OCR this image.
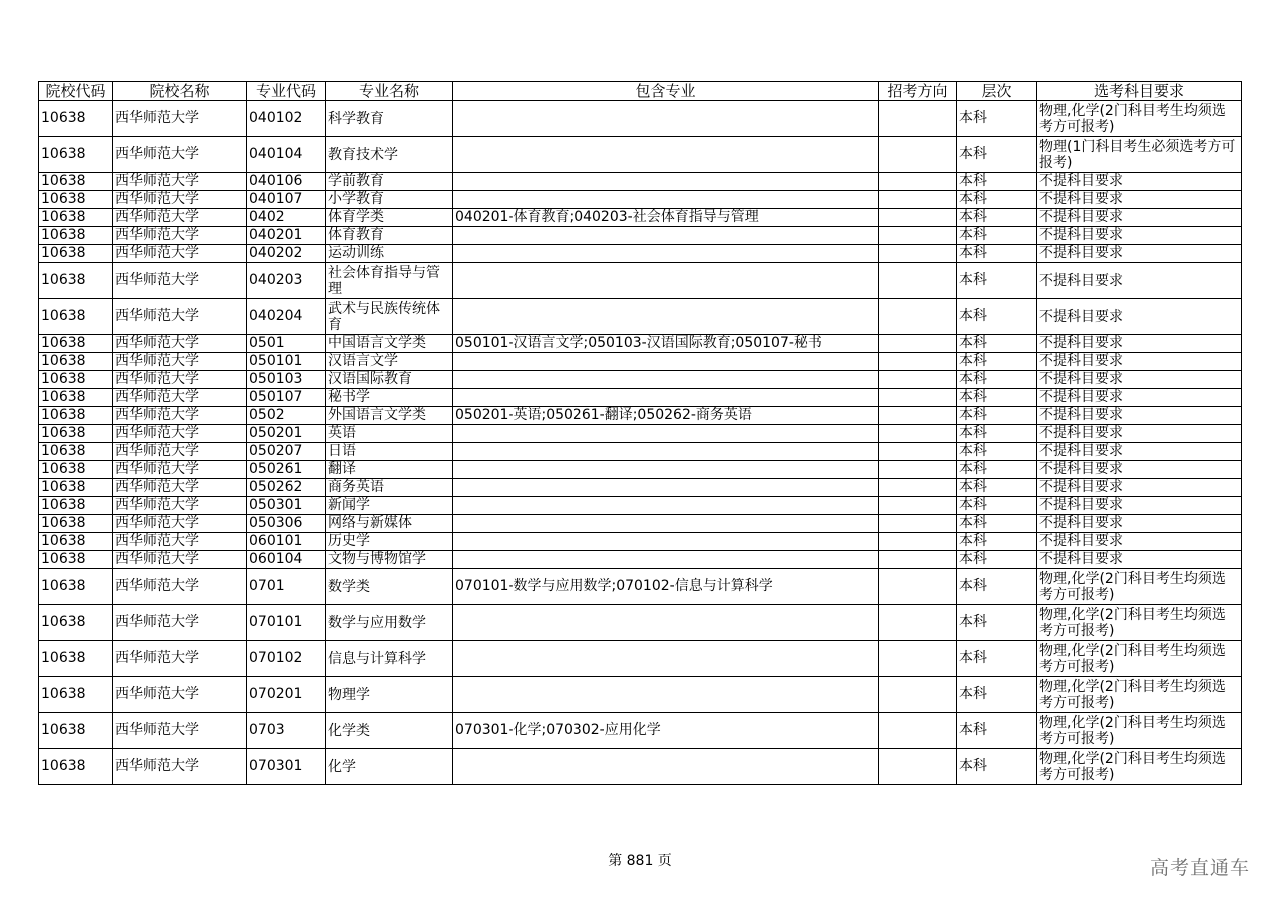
院校代码	院校名称	专业代码	专业名称	包含专业	招考方向	层次	选考科目要求
10638	西华师范大学	040102	科学教育			本科	物理,化学(2门科目考生均须选考方可报考)
10638	西华师范大学	040104	教育技术学			本科	物理(1门科目考生必须选考方可报考)
10638	西华师范大学	040106	学前教育			本科	不提科目要求
10638	西华师范大学	040107	小学教育			本科	不提科目要求
10638	西华师范大学	0402	体育学类	040201-体育教育;040203-社会体育指导与管理		本科	不提科目要求
10638	西华师范大学	040201	体育教育			本科	不提科目要求
10638	西华师范大学	040202	运动训练			本科	不提科目要求
10638	西华师范大学	040203	社会体育指导与管理			本科	不提科目要求
10638	西华师范大学	040204	武术与民族传统体育			本科	不提科目要求
10638	西华师范大学	0501	中国语言文学类	050101-汉语言文学;050103-汉语国际教育;050107-秘书		本科	不提科目要求
10638	西华师范大学	050101	汉语言文学			本科	不提科目要求
10638	西华师范大学	050103	汉语国际教育			本科	不提科目要求
10638	西华师范大学	050107	秘书学			本科	不提科目要求
10638	西华师范大学	0502	外国语言文学类	050201-英语;050261-翻译;050262-商务英语		本科	不提科目要求
10638	西华师范大学	050201	英语			本科	不提科目要求
10638	西华师范大学	050207	日语			本科	不提科目要求
10638	西华师范大学	050261	翻译			本科	不提科目要求
10638	西华师范大学	050262	商务英语			本科	不提科目要求
10638	西华师范大学	050301	新闻学			本科	不提科目要求
10638	西华师范大学	050306	网络与新媒体			本科	不提科目要求
10638	西华师范大学	060101	历史学			本科	不提科目要求
10638	西华师范大学	060104	文物与博物馆学			本科	不提科目要求
10638	西华师范大学	0701	数学类	070101-数学与应用数学;070102-信息与计算科学		本科	物理,化学(2门科目考生均须选考方可报考)
10638	西华师范大学	070101	数学与应用数学			本科	物理,化学(2门科目考生均须选考方可报考)
10638	西华师范大学	070102	信息与计算科学			本科	物理,化学(2门科目考生均须选考方可报考)
10638	西华师范大学	070201	物理学			本科	物理,化学(2门科目考生均须选考方可报考)
10638	西华师范大学	0703	化学类	070301-化学;070302-应用化学		本科	物理,化学(2门科目考生均须选考方可报考)
10638	西华师范大学	070301	化学			本科	物理,化学(2门科目考生均须选考方可报考)
第 881 页	高考直通车
